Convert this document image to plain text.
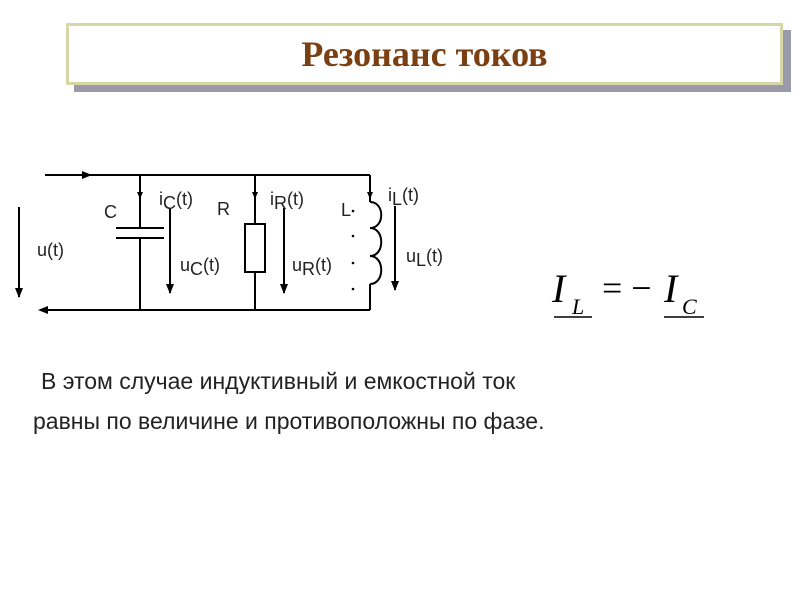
Резонанс токов
u(t)
C
iC(t)
uC(t)
R iR(t)
uR(t)
L
iL(t)
uL(t)
I L = − I C
В этом случае индуктивный и емкостной ток
равны по величине и противоположны по фазе.
